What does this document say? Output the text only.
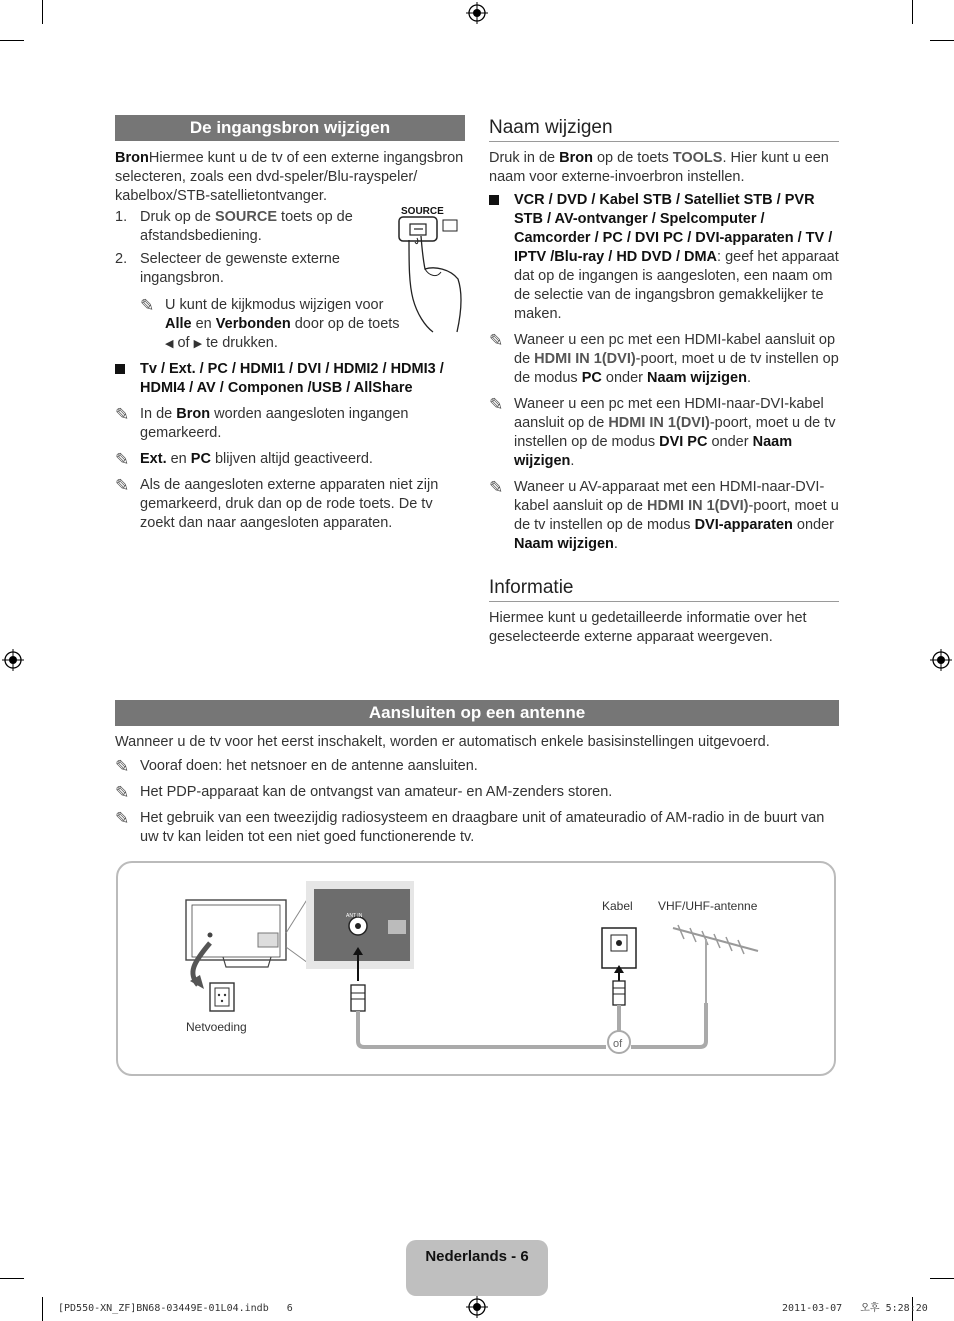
De ingangsbron wijzigen
BronHiermee kunt u de tv of een externe ingangsbron selecteren, zoals een dvd-speler/Blu-rayspeler/ kabelbox/STB-satellietontvanger.
1. Druk op de SOURCE toets op de afstandsbediening.
2. Selecteer de gewenste externe ingangsbron.
✎ U kunt de kijkmodus wijzigen voor Alle en Verbonden door op de toets ◀ of ▶ te drukken.
SOURCE
Tv / Ext. / PC / HDMI1 / DVI / HDMI2 / HDMI3 / HDMI4 / AV / Componen /USB / AllShare
✎ In de Bron worden aangesloten ingangen gemarkeerd.
✎ Ext. en PC blijven altijd geactiveerd.
✎ Als de aangesloten externe apparaten niet zijn gemarkeerd, druk dan op de rode toets. De tv zoekt dan naar aangesloten apparaten.
Naam wijzigen
Druk in de Bron op de toets TOOLS. Hier kunt u een naam voor externe-invoerbron instellen.
VCR / DVD / Kabel STB / Satelliet STB / PVR STB / AV-ontvanger / Spelcomputer / Camcorder / PC / DVI PC / DVI-apparaten / TV / IPTV /Blu-ray / HD DVD / DMA: geef het apparaat dat op de ingangen is aangesloten, een naam om de selectie van de ingangsbron gemakkelijker te maken.
✎ Waneer u een pc met een HDMI-kabel aansluit op de HDMI IN 1(DVI)-poort, moet u de tv instellen op de modus PC onder Naam wijzigen.
✎ Waneer u een pc met een HDMI-naar-DVI-kabel aansluit op de HDMI IN 1(DVI)-poort, moet u de tv instellen op de modus DVI PC onder Naam wijzigen.
✎ Waneer u AV-apparaat met een HDMI-naar-DVI-kabel aansluit op de HDMI IN 1(DVI)-poort, moet u de tv instellen op de modus DVI-apparaten onder Naam wijzigen.
Informatie
Hiermee kunt u gedetailleerde informatie over het geselecteerde externe apparaat weergeven.
Aansluiten op een antenne
Wanneer u de tv voor het eerst inschakelt, worden er automatisch enkele basisinstellingen uitgevoerd.
✎ Vooraf doen: het netsnoer en de antenne aansluiten.
✎ Het PDP-apparaat kan de ontvangst van amateur- en AM-zenders storen.
✎ Het gebruik van een tweezijdig radiosysteem en draagbare unit of amateuradio of AM-radio in de buurt van uw tv kan leiden tot een niet goed functionerende tv.
ANT IN
Netvoeding
Kabel VHF/UHF-antenne
of
Nederlands - 6
[PD550-XN_ZF]BN68-03449E-01L04.indb   6	2011-03-07   오후 5:28:20
